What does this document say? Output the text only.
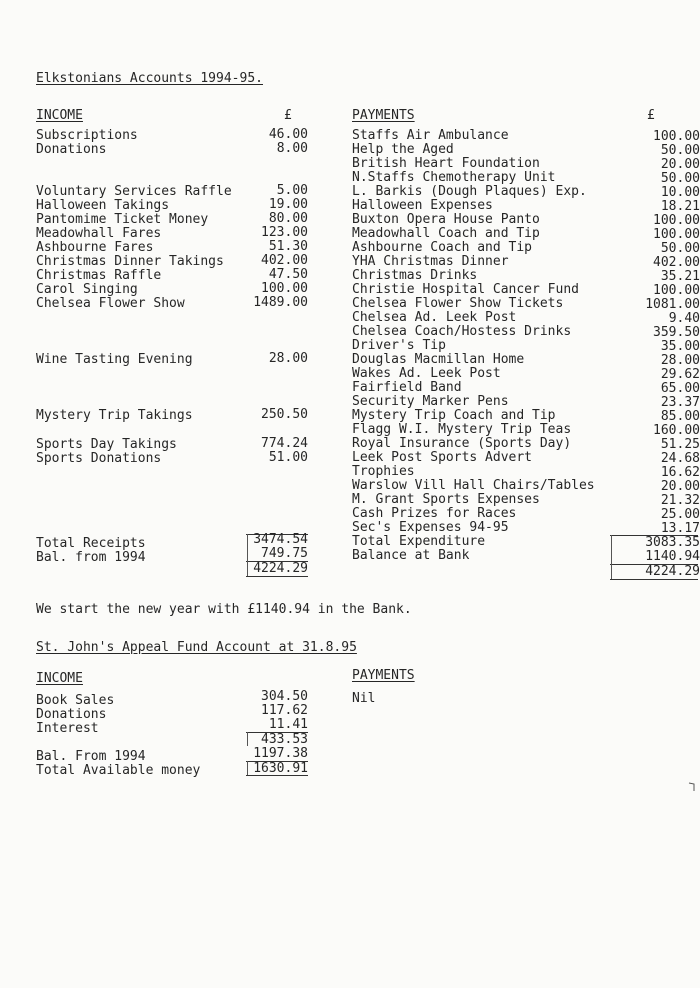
Elkstonians Accounts 1994-95.
INCOME	£
Subscriptions	46.00
Donations	8.00
Voluntary Services Raffle	5.00
Halloween Takings	19.00
Pantomime Ticket Money	80.00
Meadowhall Fares	123.00
Ashbourne Fares	51.30
Christmas Dinner Takings	402.00
Christmas Raffle	47.50
Carol Singing	100.00
Chelsea Flower Show	1489.00
Wine Tasting Evening	28.00
Mystery Trip Takings	250.50
Sports Day Takings	774.24
Sports Donations	51.00
Total Receipts	3474.54
Bal. from 1994	749.75
4224.29
PAYMENTS	£
Staffs Air Ambulance	100.00
Help the Aged	50.00
British Heart Foundation	20.00
N.Staffs Chemotherapy Unit	50.00
L. Barkis (Dough Plaques) Exp.	10.00
Halloween Expenses	18.21
Buxton Opera House Panto	100.00
Meadowhall Coach and Tip	100.00
Ashbourne Coach and Tip	50.00
YHA Christmas Dinner	402.00
Christmas Drinks	35.21
Christie Hospital Cancer Fund	100.00
Chelsea Flower Show Tickets	1081.00
Chelsea Ad. Leek Post	9.40
Chelsea Coach/Hostess Drinks	359.50
Driver's Tip	35.00
Douglas Macmillan Home	28.00
Wakes Ad. Leek Post	29.62
Fairfield Band	65.00
Security Marker Pens	23.37
Mystery Trip Coach and Tip	85.00
Flagg W.I. Mystery Trip Teas	160.00
Royal Insurance (Sports Day)	51.25
Leek Post Sports Advert	24.68
Trophies	16.62
Warslow Vill Hall Chairs/Tables	20.00
M. Grant Sports Expenses	21.32
Cash Prizes for Races	25.00
Sec's Expenses 94-95	13.17
Total Expenditure	3083.35
Balance at Bank	1140.94
4224.29
We start the new year with £1140.94 in the Bank.
St. John's Appeal Fund Account at 31.8.95
INCOME	PAYMENTS
Nil
Book Sales	304.50
Donations	117.62
Interest	11.41
433.53
Bal. From 1994	1197.38
Total Available money	1630.91
